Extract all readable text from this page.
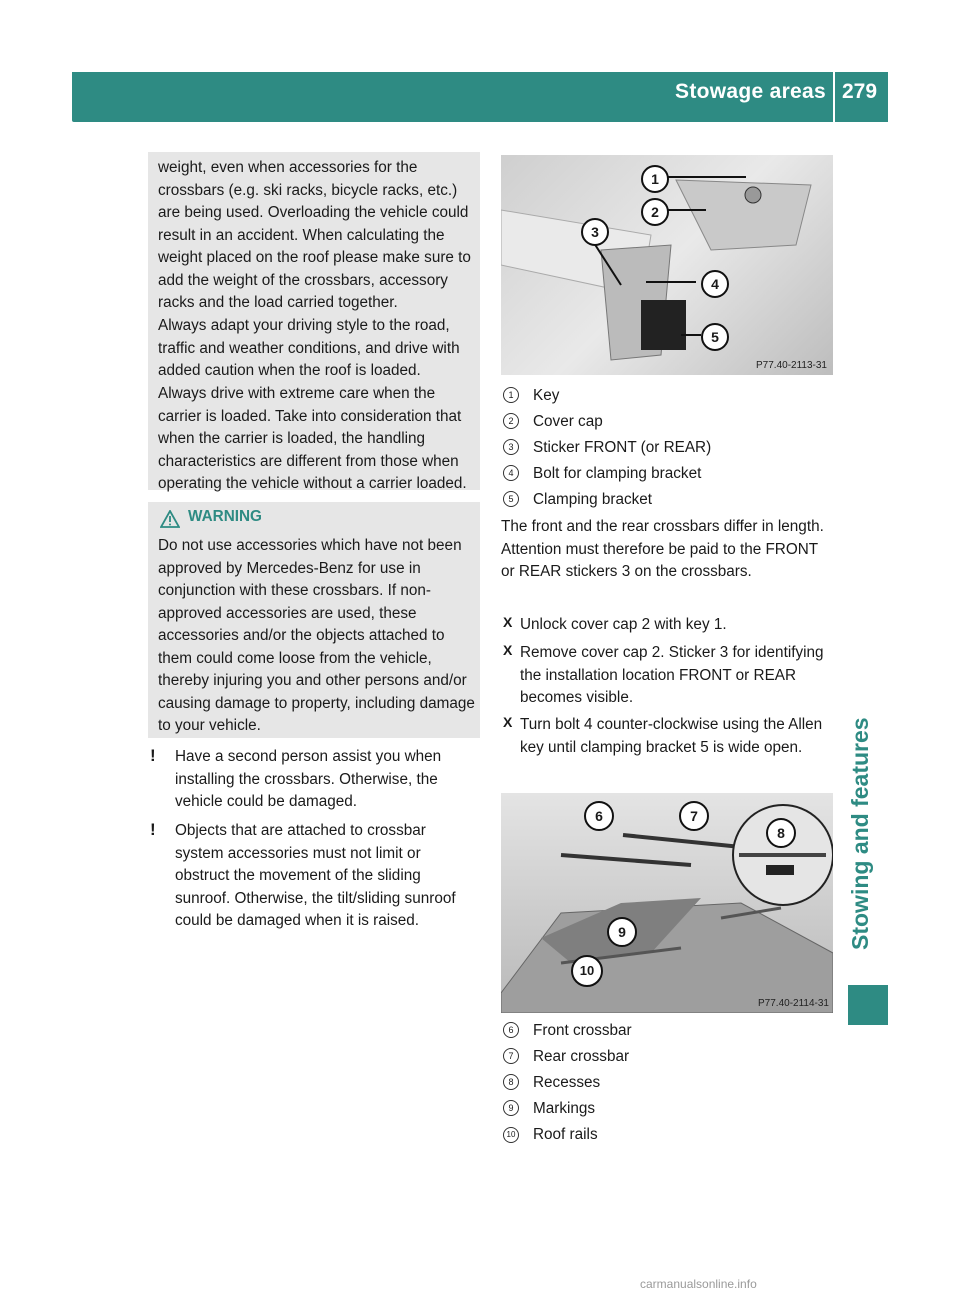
Stowage areas 279
Stowing and features
weight, even when accessories for the crossbars (e.g. ski racks, bicycle racks, etc.) are being used. Overloading the vehicle could result in an accident. When calculating the weight placed on the roof please make sure to add the weight of the crossbars, accessory racks and the load carried together.
Always adapt your driving style to the road, traffic and weather conditions, and drive with added caution when the roof is loaded.
Always drive with extreme care when the carrier is loaded. Take into consideration that when the carrier is loaded, the handling characteristics are different from those when operating the vehicle without a carrier loaded.
WARNING
Do not use accessories which have not been approved by Mercedes-Benz for use in conjunction with these crossbars. If non-approved accessories are used, these accessories and/or the objects attached to them could come loose from the vehicle, thereby injuring you and other persons and/or causing damage to property, including damage to your vehicle.
! Have a second person assist you when installing the crossbars. Otherwise, the vehicle could be damaged.
! Objects that are attached to crossbar system accessories must not limit or obstruct the movement of the sliding sunroof. Otherwise, the tilt/sliding sunroof could be damaged when it is raised.
1
2
3
4
5
P77.40-2113-31
1 Key
2 Cover cap
3 Sticker FRONT (or REAR)
4 Bolt for clamping bracket
5 Clamping bracket
The front and the rear crossbars differ in length. Attention must therefore be paid to the FRONT or REAR stickers 3 on the crossbars.
X Unlock cover cap 2 with key 1.
X Remove cover cap 2. Sticker 3 for identifying the installation location FRONT or REAR becomes visible.
X Turn bolt 4 counter-clockwise using the Allen key until clamping bracket 5 is wide open.
6	7
8
9
10
P77.40-2114-31
6 Front crossbar
7 Rear crossbar
8 Recesses
9 Markings
10 Roof rails
carmanualsonline.info
